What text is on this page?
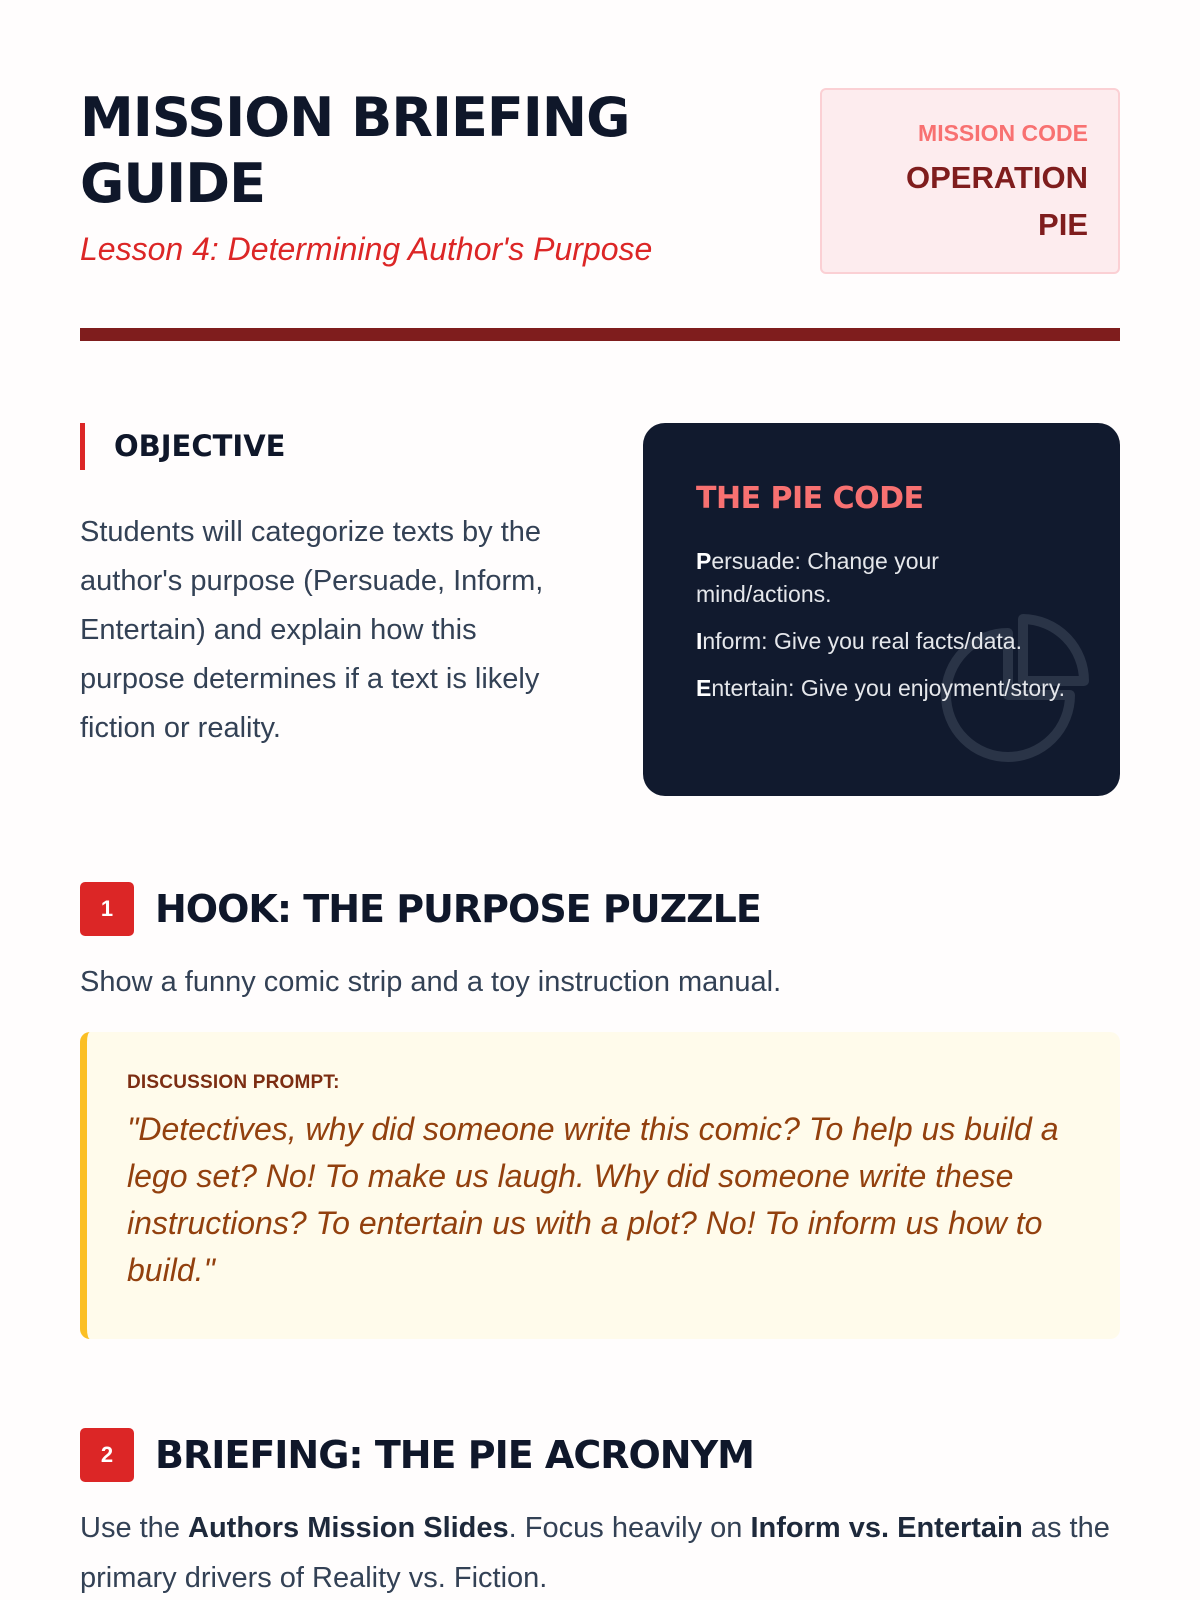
MISSION BRIEFING GUIDE
Lesson 4: Determining Author's Purpose
MISSION CODE
OPERATION PIE
OBJECTIVE

Students will categorize texts by the author's purpose (Persuade, Inform, Entertain) and explain how this purpose determines if a text is likely fiction or reality.

THE PIE CODE
Persuade: Change your mind/actions.
Inform: Give you real facts/data.
Entertain: Give you enjoyment/story.
1	HOOK: THE PURPOSE PUZZLE

Show a funny comic strip and a toy instruction manual.

DISCUSSION PROMPT:
"Detectives, why did someone write this comic? To help us build a lego set? No! To make us laugh. Why did someone write these instructions? To entertain us with a plot? No! To inform us how to build."
2	BRIEFING: THE PIE ACRONYM

Use the Authors Mission Slides. Focus heavily on Inform vs. Entertain as the primary drivers of Reality vs. Fiction.
